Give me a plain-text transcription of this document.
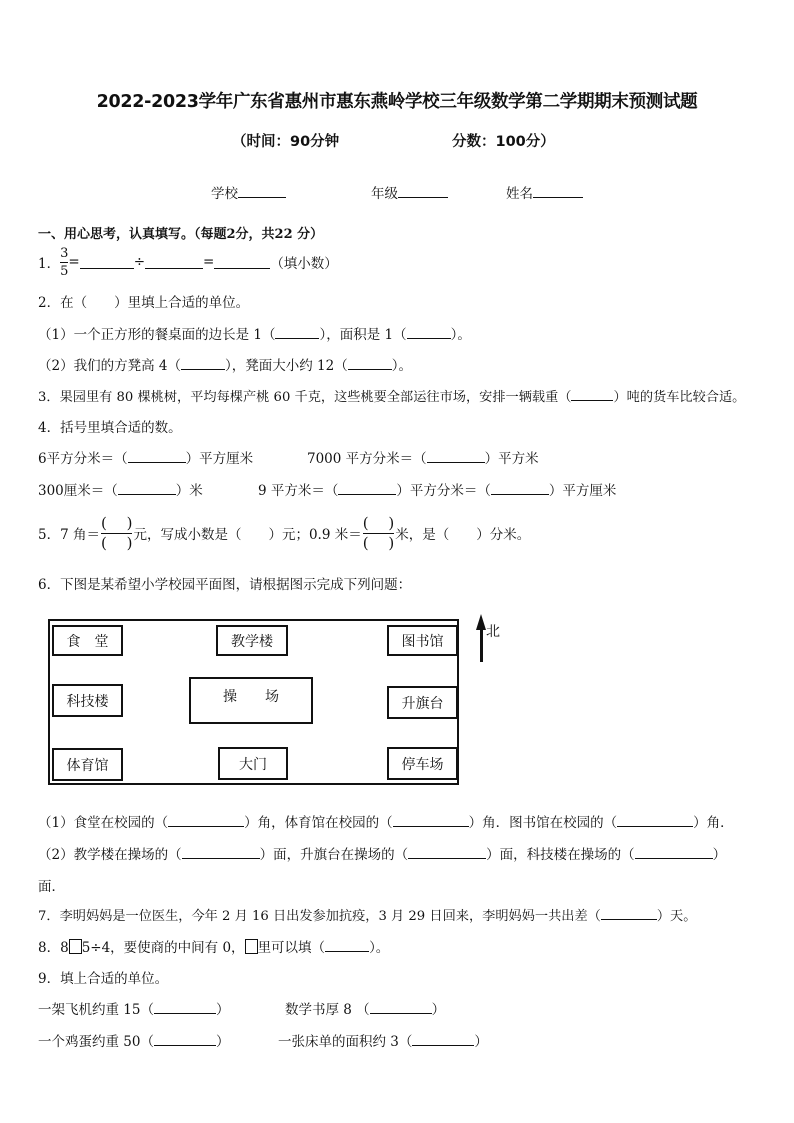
2022-2023学年广东省惠州市惠东燕岭学校三年级数学第二学期期末预测试题
（时间：90分钟	分数：100分）
学校	年级	姓名
一、用心思考，认真填写。（每题2分，共22 分）
1． $\frac{3}{5}$ =	÷	=	（填小数）
2．在（　　）里填上合适的单位。
（1）一个正方形的餐桌面的边长是 1（	），面积是 1（	）。
（2）我们的方凳高 4（	），凳面大小约 12（	）。
3．果园里有 80 棵桃树，平均每棵产桃 60 千克，这些桃要全部运往市场，安排一辆载重（	）吨的货车比较合适。
4．括号里填合适的数。
6平方分米＝（	）平方厘米	7000 平方分米＝（	）平方米
300厘米＝（	）米	9 平方米＝（	）平方分米＝（	）平方厘米
5．7 角＝
(　 )
(　 ) 元，写成小数是（　　）元；0.9 米＝
(　 )
(　 ) 米，是（　　）分米。
6．下图是某希望小学校园平面图，请根据图示完成下列问题：
食　堂	教学楼	图书馆
科技楼	操　　场	升旗台
体育馆	大门	停车场
北
（1）食堂在校园的（	）角，体育馆在校园的（	）角．图书馆在校园的（	）角．
（2）教学楼在操场的（	）面，升旗台在操场的（	）面，科技楼在操场的（	）
面．
7．李明妈妈是一位医生，今年 2 月 16 日出发参加抗疫，3 月 29 日回来，李明妈妈一共出差（	）天。
8．8 5÷4，要使商的中间有 0， 里可以填（	）。
9．填上合适的单位。
一架飞机约重 15（	）	数学书厚 8 （	）
一个鸡蛋约重 50（	）	一张床单的面积约 3（	）
